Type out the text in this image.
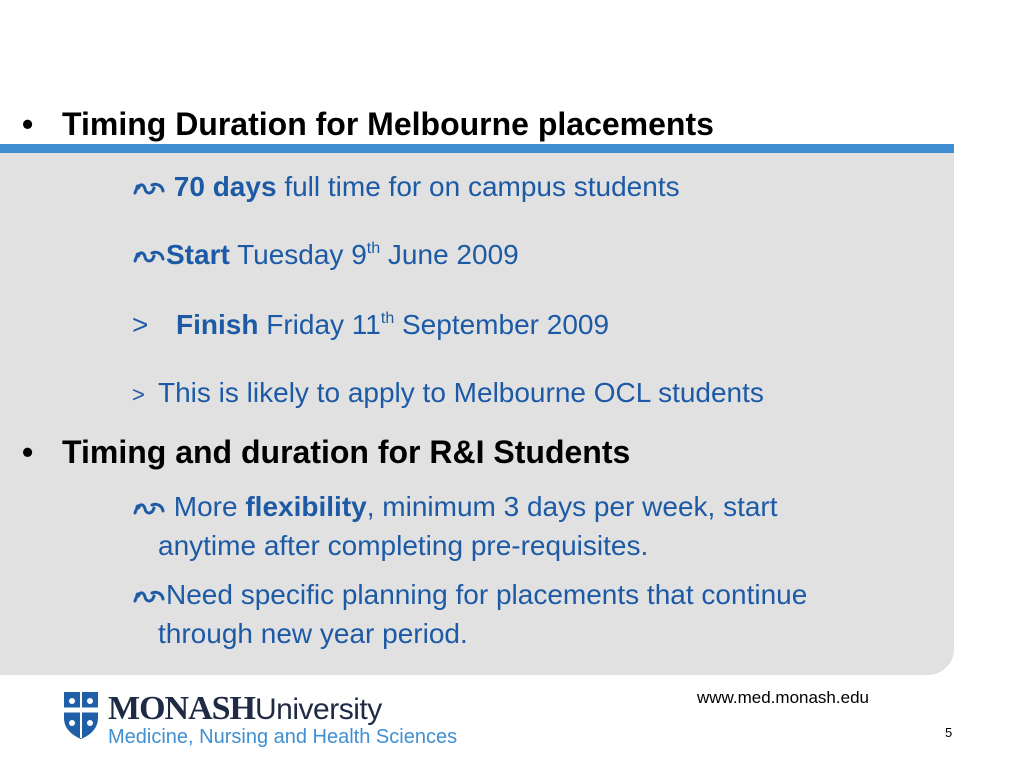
• Timing Duration for Melbourne placements
70 days full time for on campus students
Start Tuesday 9th June 2009
> Finish Friday 11th September 2009
> This is likely to apply to Melbourne OCL students
• Timing and duration for R&I Students
More flexibility, minimum 3 days per week, start
anytime after completing pre-requisites.
Need specific planning for placements that continue
through new year period.
MONASHUniversity
Medicine, Nursing and Health Sciences
www.med.monash.edu
5
